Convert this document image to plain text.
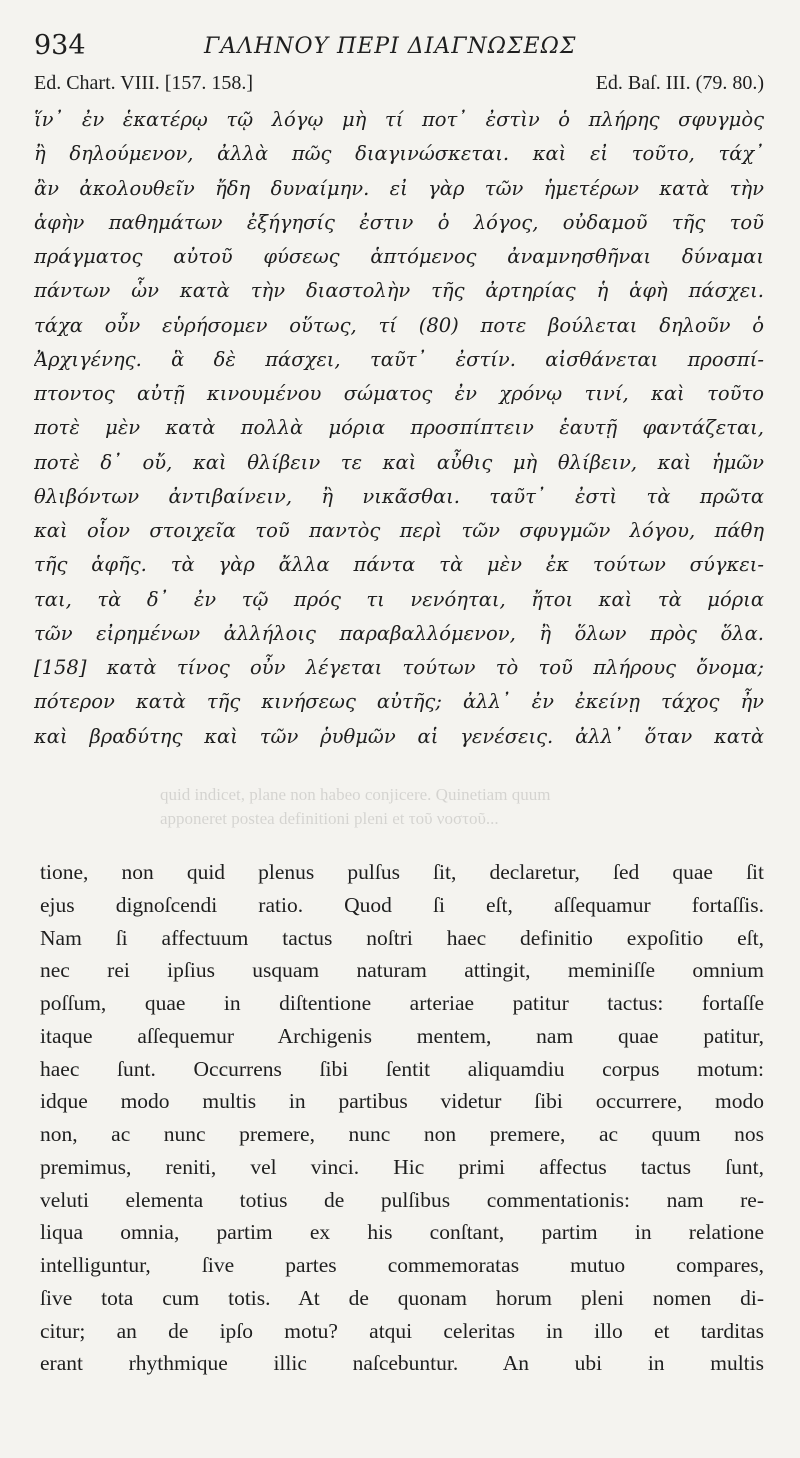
934	ΓΑΛΗΝΟΥ ΠΕΡΙ ΔΙΑΓΝΩΣΕΩΣ
Ed. Chart. VIII. [157. 158.]	Ed. Baſ. III. (79. 80.)
ἵν᾽ ἐν ἑκατέρῳ τῷ λόγῳ μὴ τί ποτ᾽ ἐστὶν ὁ πλήρης σφυγμὸς
ἢ δηλούμενον, ἀλλὰ πῶς διαγινώσκεται. καὶ εἰ τοῦτο, τάχ᾽
ἂν ἀκολουθεῖν ἤδη δυναίμην. εἰ γὰρ τῶν ἡμετέρων κατὰ τὴν
ἁφὴν παθημάτων ἐξήγησίς ἐστιν ὁ λόγος, οὐδαμοῦ τῆς τοῦ
πράγματος αὐτοῦ φύσεως ἁπτόμενος ἀναμνησθῆναι δύναμαι
πάντων ὧν κατὰ τὴν διαστολὴν τῆς ἀρτηρίας ἡ ἁφὴ πάσχει.
τάχα οὖν εὑρήσομεν οὕτως, τί (80) ποτε βούλεται δηλοῦν ὁ
Ἀρχιγένης. ἃ δὲ πάσχει, ταῦτ᾽ ἐστίν. αἰσθάνεται προσπί-
πτοντος αὐτῇ κινουμένου σώματος ἐν χρόνῳ τινί, καὶ τοῦτο
ποτὲ μὲν κατὰ πολλὰ μόρια προσπίπτειν ἑαυτῇ φαντάζεται,
ποτὲ δ᾽ οὔ, καὶ θλίβειν τε καὶ αὖθις μὴ θλίβειν, καὶ ἡμῶν
θλιβόντων ἀντιβαίνειν, ἢ νικᾶσθαι. ταῦτ᾽ ἐστὶ τὰ πρῶτα
καὶ οἷον στοιχεῖα τοῦ παντὸς περὶ τῶν σφυγμῶν λόγου, πάθη
τῆς ἁφῆς. τὰ γὰρ ἄλλα πάντα τὰ μὲν ἐκ τούτων σύγκει-
ται, τὰ δ᾽ ἐν τῷ πρός τι νενόηται, ἤτοι καὶ τὰ μόρια
τῶν εἰρημένων ἀλλήλοις παραβαλλόμενον, ἢ ὅλων πρὸς ὅλα.
[158] κατὰ τίνος οὖν λέγεται τούτων τὸ τοῦ πλήρους ὄνομα;
πότερον κατὰ τῆς κινήσεως αὐτῆς; ἀλλ᾽ ἐν ἐκείνῃ τάχος ἦν
καὶ βραδύτης καὶ τῶν ῥυθμῶν αἱ γενέσεις. ἀλλ᾽ ὅταν κατὰ
quid indicet, plane non habeo conjicere. Quinetiam quum
apponeret postea definitioni pleni et τοῦ νοστοῦ...
tione, non quid plenus pulſus ſit, declaretur, ſed quae ſit
ejus dignoſcendi ratio. Quod ſi eſt, aſſequamur fortaſſis.
Nam ſi affectuum tactus noſtri haec definitio expoſitio eſt,
nec rei ipſius usquam naturam attingit, meminiſſe omnium
poſſum, quae in diſtentione arteriae patitur tactus: fortaſſe
itaque aſſequemur Archigenis mentem, nam quae patitur,
haec ſunt. Occurrens ſibi ſentit aliquamdiu corpus motum:
idque modo multis in partibus videtur ſibi occurrere, modo
non, ac nunc premere, nunc non premere, ac quum nos
premimus, reniti, vel vinci. Hic primi affectus tactus ſunt,
veluti elementa totius de pulſibus commentationis: nam re-
liqua omnia, partim ex his conſtant, partim in relatione
intelliguntur, ſive partes commemoratas mutuo compares,
ſive tota cum totis. At de quonam horum pleni nomen di-
citur; an de ipſo motu? atqui celeritas in illo et tarditas
erant rhythmique illic naſcebuntur. An ubi in multis
